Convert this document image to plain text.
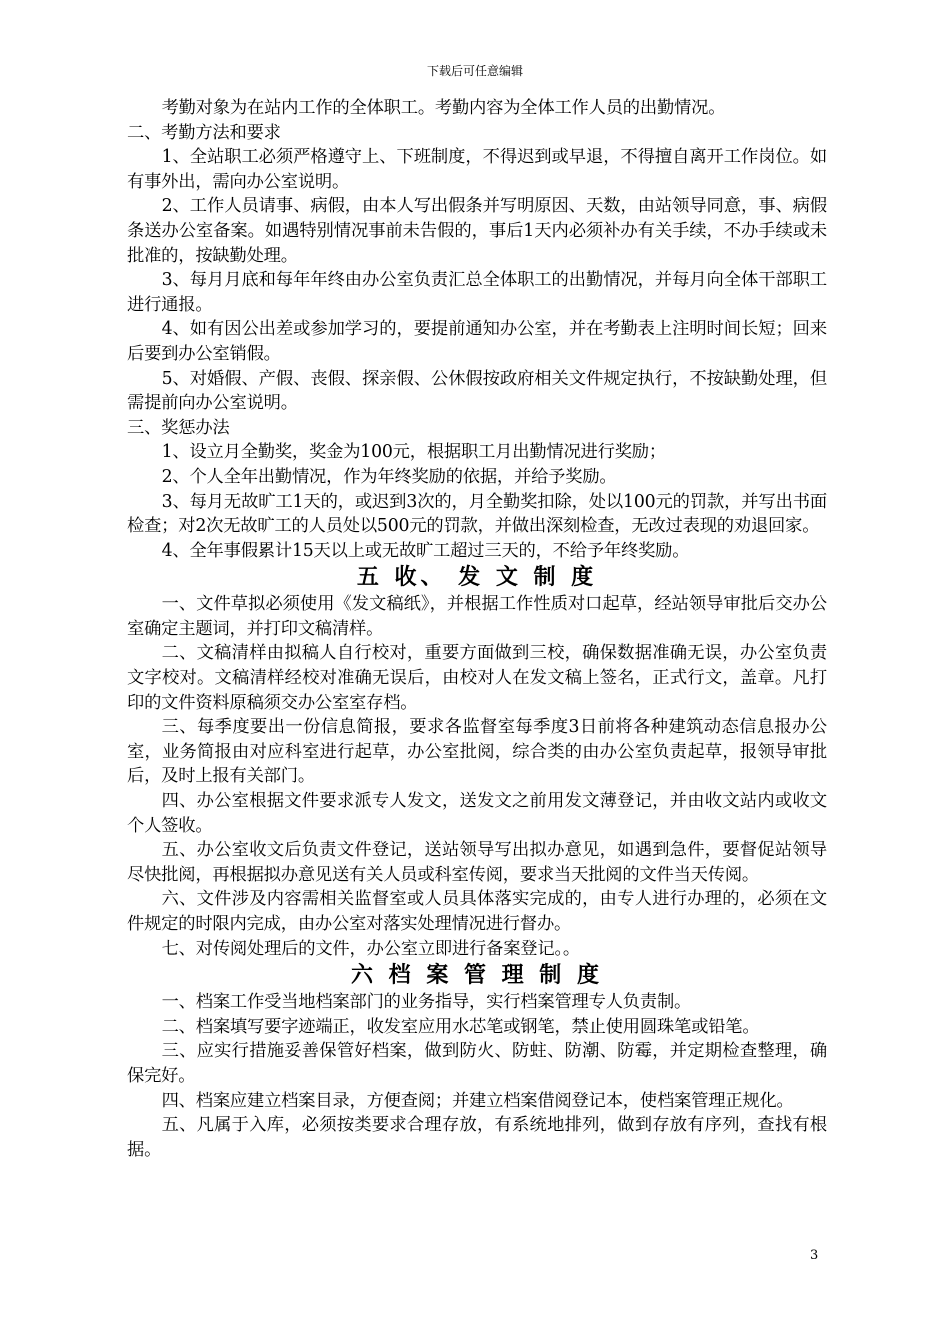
下载后可任意编辑

考勤对象为在站内工作的全体职工。考勤内容为全体工作人员的出勤情况。

二、考勤方法和要求

1、全站职工必须严格遵守上、下班制度，不得迟到或早退，不得擅自离开工作岗位。如有事外出，需向办公室说明。

2、工作人员请事、病假，由本人写出假条并写明原因、天数，由站领导同意，事、病假条送办公室备案。如遇特别情况事前未告假的，事后1天内必须补办有关手续，不办手续或未批准的，按缺勤处理。

3、每月月底和每年年终由办公室负责汇总全体职工的出勤情况，并每月向全体干部职工进行通报。

4、如有因公出差或参加学习的，要提前通知办公室，并在考勤表上注明时间长短；回来后要到办公室销假。

5、对婚假、产假、丧假、探亲假、公休假按政府相关文件规定执行，不按缺勤处理，但需提前向办公室说明。

三、奖惩办法

1、设立月全勤奖，奖金为100元，根据职工月出勤情况进行奖励；

2、个人全年出勤情况，作为年终奖励的依据，并给予奖励。

3、每月无故旷工1天的，或迟到3次的，月全勤奖扣除，处以100元的罚款，并写出书面检查；对2次无故旷工的人员处以500元的罚款，并做出深刻检查，无改过表现的劝退回家。

4、全年事假累计15天以上或无故旷工超过三天的，不给予年终奖励。

五 收、 发 文 制 度

一、文件草拟必须使用《发文稿纸》，并根据工作性质对口起草，经站领导审批后交办公室确定主题词，并打印文稿清样。

二、文稿清样由拟稿人自行校对，重要方面做到三校，确保数据准确无误，办公室负责文字校对。文稿清样经校对准确无误后，由校对人在发文稿上签名，正式行文，盖章。凡打印的文件资料原稿须交办公室室存档。

三、每季度要出一份信息简报，要求各监督室每季度3日前将各种建筑动态信息报办公室，业务简报由对应科室进行起草，办公室批阅，综合类的由办公室负责起草，报领导审批后，及时上报有关部门。

四、办公室根据文件要求派专人发文，送发文之前用发文薄登记，并由收文站内或收文个人签收。

五、办公室收文后负责文件登记，送站领导写出拟办意见，如遇到急件，要督促站领导尽快批阅，再根据拟办意见送有关人员或科室传阅，要求当天批阅的文件当天传阅。

六、文件涉及内容需相关监督室或人员具体落实完成的，由专人进行办理的，必须在文件规定的时限内完成，由办公室对落实处理情况进行督办。

七、对传阅处理后的文件，办公室立即进行备案登记。。

六 档 案 管 理 制 度

一、档案工作受当地档案部门的业务指导，实行档案管理专人负责制。

二、档案填写要字迹端正，收发室应用水芯笔或钢笔，禁止使用圆珠笔或铅笔。

三、应实行措施妥善保管好档案，做到防火、防蛀、防潮、防霉，并定期检查整理，确保完好。

四、档案应建立档案目录，方便查阅；并建立档案借阅登记本，使档案管理正规化。

五、凡属于入库，必须按类要求合理存放，有系统地排列，做到存放有序列，查找有根据。

3
